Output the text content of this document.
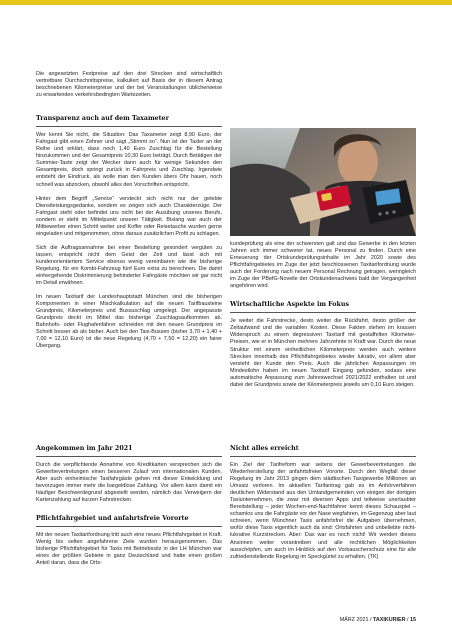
Die angesetzten Festpreise auf den drei Strecken sind wirtschaftlich vertretbare Durchschnittspreise, kalkuliert auf Basis der in diesem Antrag beschriebenen Kilometerpreise und der bei Veranstaltungen üblicherweise zu erwartenden verkehrsbedingten Wartezeiten.

Transparenz auch auf dem Taxameter

Wer kennt Sie nicht, die Situation: Das Taxameter zeigt 8,90 Euro, der Fahrgast gibt einen Zehner und sagt „Stimmt so“. Nun ist der Taxler an der Reihe und erklärt, dass noch 1,40 Euro Zuschlag für die Bestellung hinzukommen und der Gesamtpreis 10,30 Euro beträgt. Durch Betätigen der Summier-Taste zeigt der Wecker dann auch für wenige Sekunden den Gesamtpreis, doch springt zurück in Fahrpreis und Zuschlag. Irgendwie entsteht der Eindruck, als wolle man den Kunden übers Ohr hauen, noch schnell was abzocken, obwohl alles den Vorschriften entspricht.

Hinter dem Begriff „Service“ versteckt sich nicht nur der gelebte Dienstleistungsgedanke, sondern es zeigen sich auch Charakterzüge. Der Fahrgast steht oder befindet uns nicht bei der Ausübung unseres Berufs, sondern er steht im Mittelpunkt unserer Tätigkeit. Bislang war auch der Mitbewerber einen Schritt weiter und Koffer oder Reisetasche wurden gerne eingeladen und mitgenommen, ohne daraus zusätzlichen Profit zu schlagen.

Sich die Auftragsannahme bei einer Bestellung gesondert vergüten zu lassen, entspricht nicht dem Geist der Zeit und lässt sich mit kundenorientiertem Service ebenso wenig vereinbaren wie die bisherige Regelung, für ein Kombi-Fahrzeug fünf Euro extra zu berechnen. Die damit einhergehende Diskriminierung behinderter Fahrgäste möchten wir gar nicht im Detail erwähnen.

Im neuen Taxitarif der Landeshauptstadt München sind die bisherigen Komponenten in einer Mischkalkulation auf die neuen Tarifbausteine Grundpreis, Kilometerpreis und Bussuschlag umgelegt. Der angepasste Grundpreis deckt im Mittel das bisherige Zuschlagsaufkommen ab. Bahnhofs- oder Flughafenfahrer schneiden mit den neuen Grundpreis im Schnitt besser ab als bisher. Auch bei den Taxi-Bussen (bisher 3,70 + 1,40 + 7,00 = 12,10 Euro) ist die neue Regelung (4,70 + 7,50 = 12,20) ein fairer Übergang.

kundeprüfung als eine der schwersten galt und das Gewerbe in den letzten Jahren sich immer schwerer tat, neues Personal zu finden. Durch eine Erneuerung der Ortskundeprüfungsinhalte im Jahr 2020 sowie des Pflichtfahrgebietes im Zuge der jetzt beschlossenen Taxitarifordnung wurde auch der Forderung nach neuem Personal Rechnung getragen, wenngleich im Zuge der PBefG-Novelle der Ortskundenachweis bald der Vergangenheit angehören wird.

Wirtschaftliche Aspekte im Fokus

Je weiter die Fahrstrecke, desto weiter die Rückfahrt, desto größer der Zeitaufwand und die variablen Kosten. Diese Fakten stehen im krassen Widerspruch zu einem degressiven Taxitarif mit gestaffelten Kilometer-Preisen, wie er in München mehrere Jahrzehnte in Kraft war. Durch die neue Struktur mit einem einheitlichen Kilometerpreis werden auch weitere Strecken innerhalb des Pflichtfahrgebietes wieder lukrativ, vor allem aber versteht der Kunde den Preis. Auch die jährlichen Anpassungen im Mindestlohn haben im neuen Taxitarif Eingang gefunden, sodass eine automatische Anpassung zum Jahreswechsel 2021/2022 enthalten ist und dabei der Grundpreis sowie der Kilometerpreis jeweils um 0,10 Euro steigen.

Angekommen im Jahr 2021

Durch die verpflichtende Annahme von Kreditkarten versprechen sich die Gewerbevertretungen einen besseren Zulauf von internationalen Kunden. Aber auch einheimische Taxifahrgäste gehen mit dieser Entwicklung und bevorzugen immer mehr die bargeldlose Zahlung. Vor allem kann damit ein häufiger Beschwerdegrund abgestellt werden, nämlich das Verweigern der Kartenzahlung auf kurzen Fahrstrecken.

Pflichtfahrgebiet und anfahrtsfreie Vororte

Mit der neuen Taxitarifordnung tritt auch eine neues Pflichtfahrgebiet in Kraft. Wenig bis selten angefahrene Ziele wurden herausgenommen. Das bisherige Pflichtfahrgebiet für Taxis mit Betriebssitz in der LH München war eines der größten Gebiete in ganz Deutschland und hatte einen großen Anteil daran, dass die Orts-

Nicht alles erreicht

Ein Ziel der Tarifreform war seitens der Gewerbevertretungen die Wiederherstellung der anfahrtsfreien Vororte. Durch den Wegfall dieser Regelung im Jahr 2013 gingen dem städtischen Taxigewerbe Millionen an Umsatz verloren. Im aktuellen Tarifantrag gab es im Anhörverfahren deutlichen Widerstand aus den Umlandgemeinden von einigen der dortigen Taxiunternehmen, die zwar mit diversen Apps und teilweise unerlaubter Bereitstellung – jeder Wochen-end-Nachtfahrer kennt dieses Schauspiel – schamlos uns die Fahrgäste vor der Nase wegfahren, im Gegenzug aber laut schreien, wenn Münchner Taxis anfahrtsfrei die Aufgaben übernehmen, wofür diese Taxis eigentlich auch da sind: Ortsfahrten und unbeliebte nicht-lukrative Kurzstrecken. Aber: Das war es noch nicht! Wir werden dieses Ansinnen weiter vorantreiben und alle rechtlichen Möglichkeiten ausschöpfen, um auch im Hinblick auf den Vorbauscherschutz eine für alle zufriedenstellende Regelung im Speckgürtel zu erhalten. (TK)

MÄRZ 2021 / TAXIKURIER / 15
